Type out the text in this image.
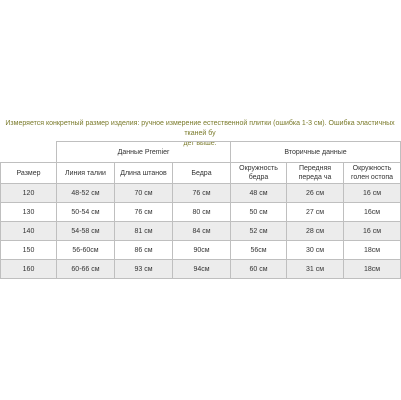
Измеряется конкретный размер изделия: ручное измерение естественной плитки (ошибка 1-3 см). Ошибка эластичных тканей бу
дет выше.
	Данные Premier			Вторичные данные		
Размер	Линия талии	Длина штанов	Бедра	Окружность бедра	Передняя переда ча	Окружность голен остопа
120	48-52 см	70 см	76 см	48 см	26 см	16 см
130	50-54 см	76 см	80 см	50 см	27 см	16см
140	54-58 см	81 см	84 см	52 см	28 см	16 см
150	56-60см	86 см	90см	56см	30 см	18см
160	60-66 см	93 см	94см	60 см	31 см	18см
